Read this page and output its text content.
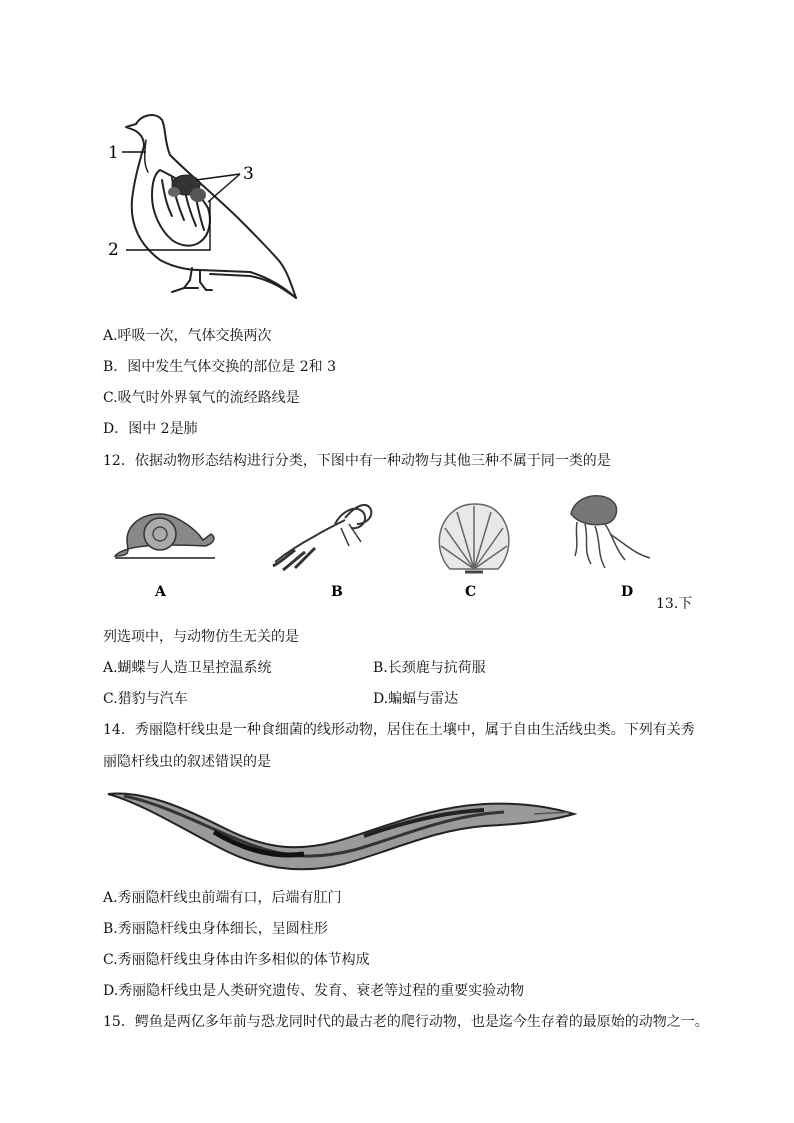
1
2
3
A.呼吸一次，气体交换两次
B．图中发生气体交换的部位是 2和 3
C.吸气时外界氧气的流经路线是
D．图中 2是肺
12．依据动物形态结构进行分类，下图中有一种动物与其他三种不属于同一类的是
A	B	C	D
13.下
列选项中，与动物仿生无关的是
A.蝴蝶与人造卫星控温系统	B.长颈鹿与抗荷服
C.猎豹与汽车	D.蝙蝠与雷达
14．秀丽隐杆线虫是一种食细菌的线形动物，居住在土壤中，属于自由生活线虫类。下列有关秀
丽隐杆线虫的叙述错误的是
A.秀丽隐杆线虫前端有口，后端有肛门
B.秀丽隐杆线虫身体细长，呈圆柱形
C.秀丽隐杆线虫身体由许多相似的体节构成
D.秀丽隐杆线虫是人类研究遗传、发育、衰老等过程的重要实验动物
15．鳄鱼是两亿多年前与恐龙同时代的最古老的爬行动物，也是迄今生存着的最原始的动物之一。
